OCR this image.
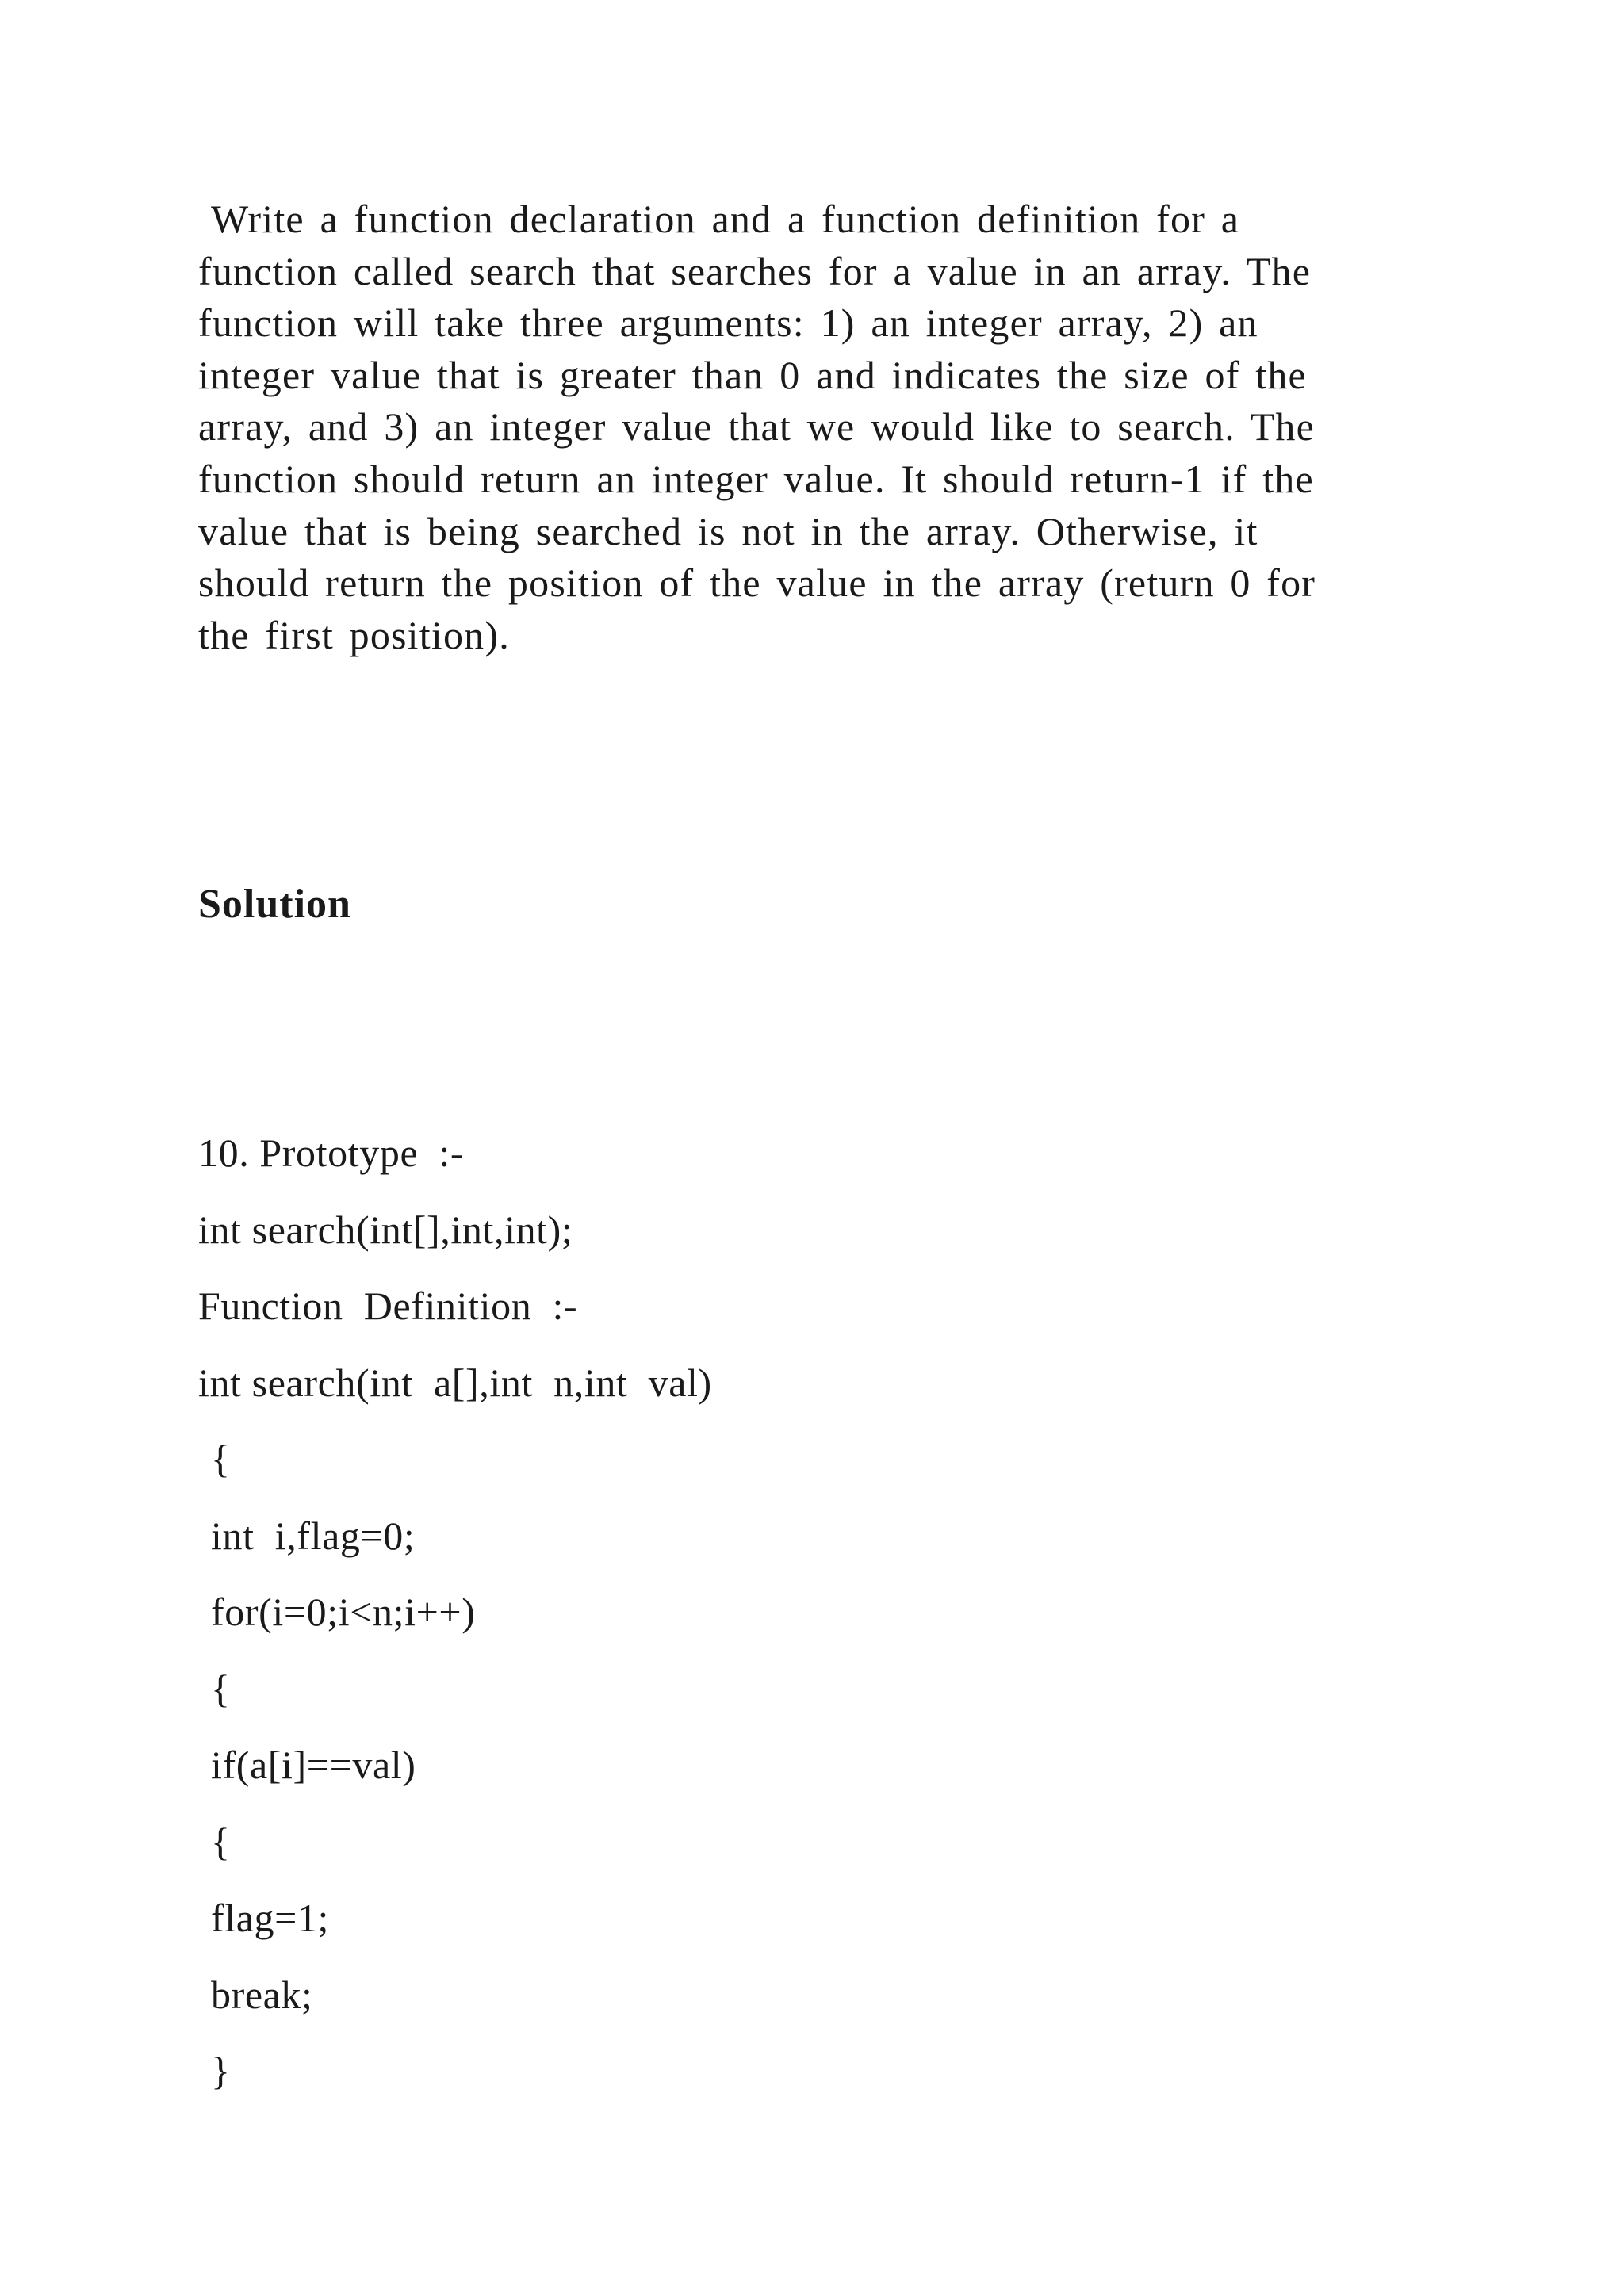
Write a function declaration and a function definition for a
function called search that searches for a value in an array. The
function will take three arguments: 1) an integer array, 2) an
integer value that is greater than 0 and indicates the size of the
array, and 3) an integer value that we would like to search. The
function should return an integer value. It should return-1 if the
value that is being searched is not in the array. Otherwise, it
should return the position of the value in the array (return 0 for
the first position).
Solution
10. Prototype  :-
int search(int[],int,int);
Function  Definition  :-
int search(int  a[],int  n,int  val)
{
int  i,flag=0;
for(i=0;i<n;i++)
{
if(a[i]==val)
{
flag=1;
break;
}
